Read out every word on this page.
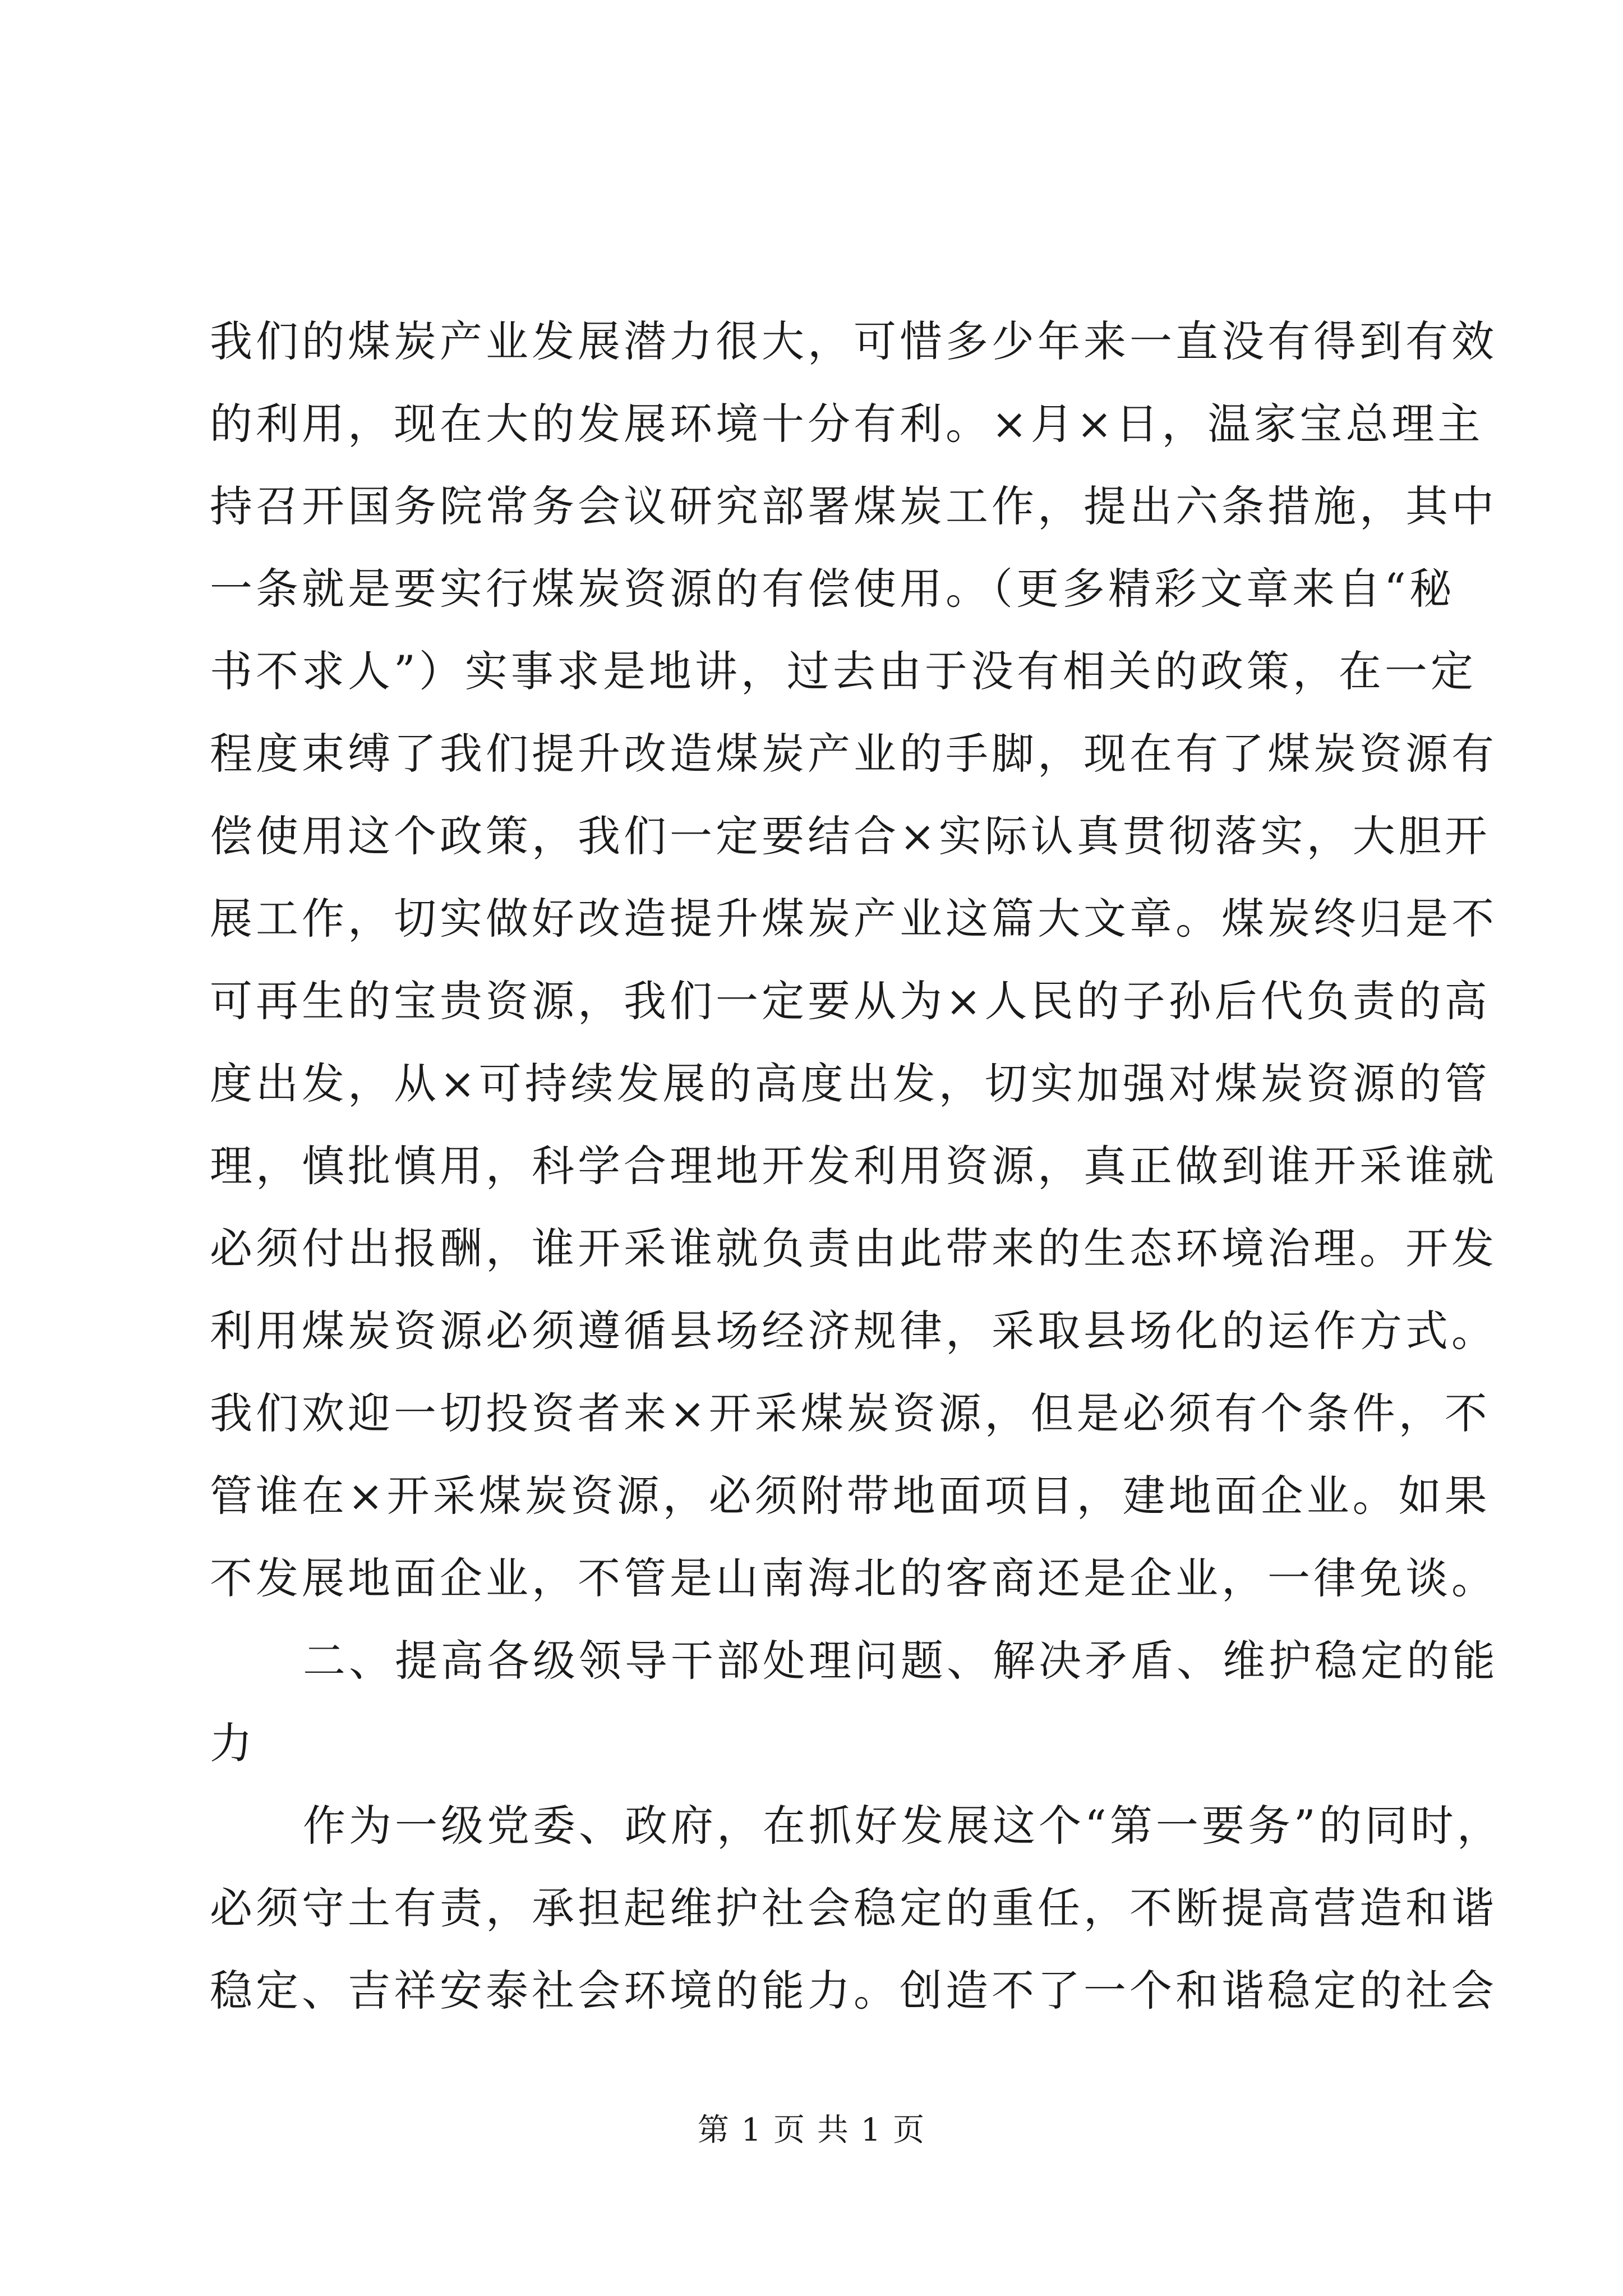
我们的煤炭产业发展潜力很大，可惜多少年来一直没有得到有效
的利用，现在大的发展环境十分有利。×月×日，温家宝总理主
持召开国务院常务会议研究部署煤炭工作，提出六条措施，其中
一条就是要实行煤炭资源的有偿使用。（更多精彩文章来自“秘
书不求人”）实事求是地讲，过去由于没有相关的政策，在一定
程度束缚了我们提升改造煤炭产业的手脚，现在有了煤炭资源有
偿使用这个政策，我们一定要结合×实际认真贯彻落实，大胆开
展工作，切实做好改造提升煤炭产业这篇大文章。煤炭终归是不
可再生的宝贵资源，我们一定要从为×人民的子孙后代负责的高
度出发，从×可持续发展的高度出发，切实加强对煤炭资源的管
理，慎批慎用，科学合理地开发利用资源，真正做到谁开采谁就
必须付出报酬，谁开采谁就负责由此带来的生态环境治理。开发
利用煤炭资源必须遵循县场经济规律，采取县场化的运作方式。
我们欢迎一切投资者来×开采煤炭资源，但是必须有个条件，不
管谁在×开采煤炭资源，必须附带地面项目，建地面企业。如果
不发展地面企业，不管是山南海北的客商还是企业，一律免谈。
二、提高各级领导干部处理问题、解决矛盾、维护稳定的能
力
作为一级党委、政府，在抓好发展这个“第一要务”的同时，
必须守土有责，承担起维护社会稳定的重任，不断提高营造和谐
稳定、吉祥安泰社会环境的能力。创造不了一个和谐稳定的社会
第 1 页 共 1 页
